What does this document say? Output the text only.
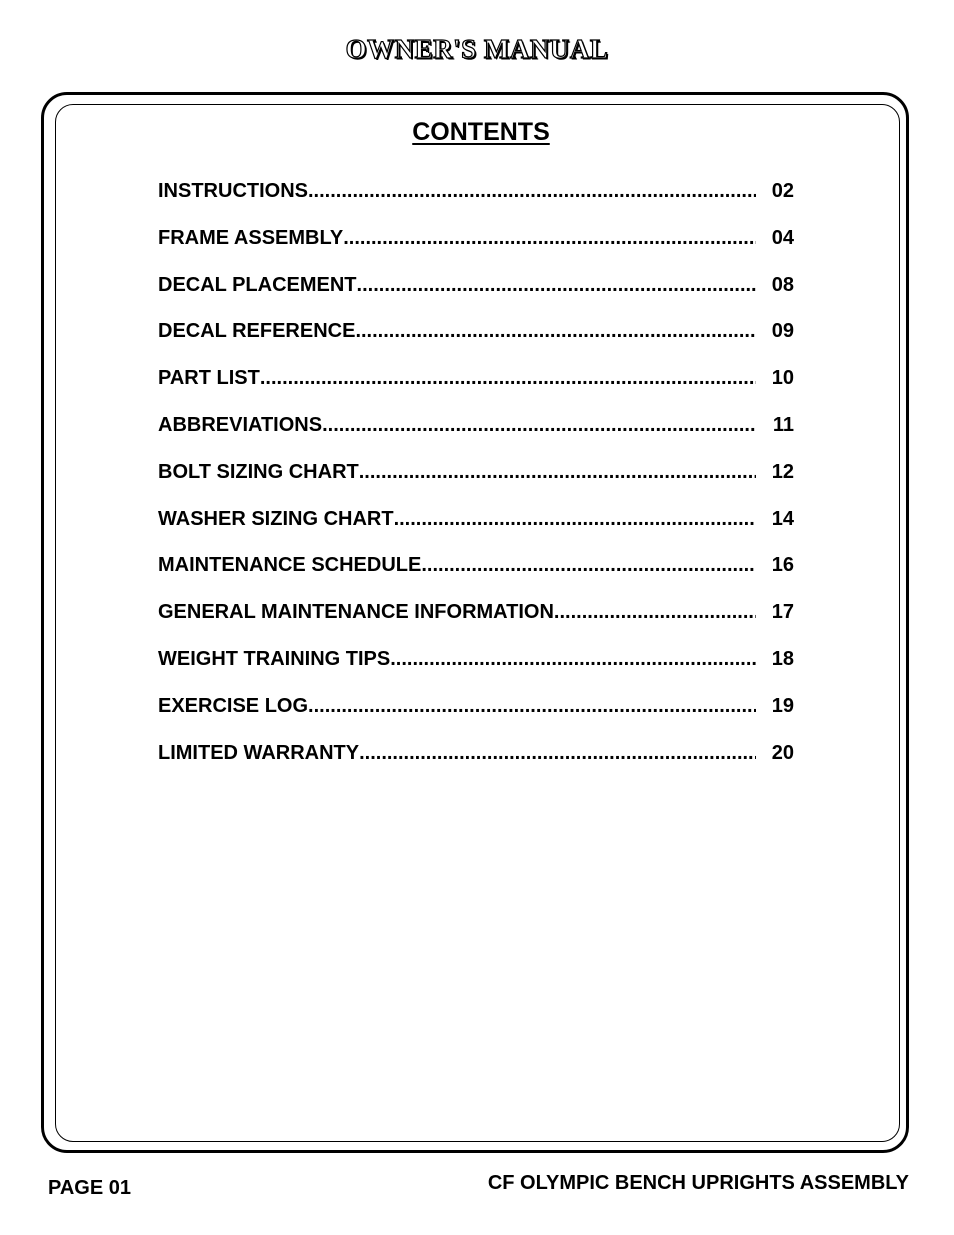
OWNER'S MANUAL
CONTENTS
INSTRUCTIONS .....	02
FRAME ASSEMBLY .....	04
DECAL PLACEMENT .....	08
DECAL REFERENCE .....	09
PART LIST .....	10
ABBREVIATIONS .....	11
BOLT SIZING CHART .....	12
WASHER SIZING CHART .....	14
MAINTENANCE SCHEDULE .....	16
GENERAL MAINTENANCE INFORMATION .....	17
WEIGHT TRAINING TIPS .....	18
EXERCISE LOG .....	19
LIMITED WARRANTY .....	20
PAGE 01	CF OLYMPIC BENCH UPRIGHTS ASSEMBLY
